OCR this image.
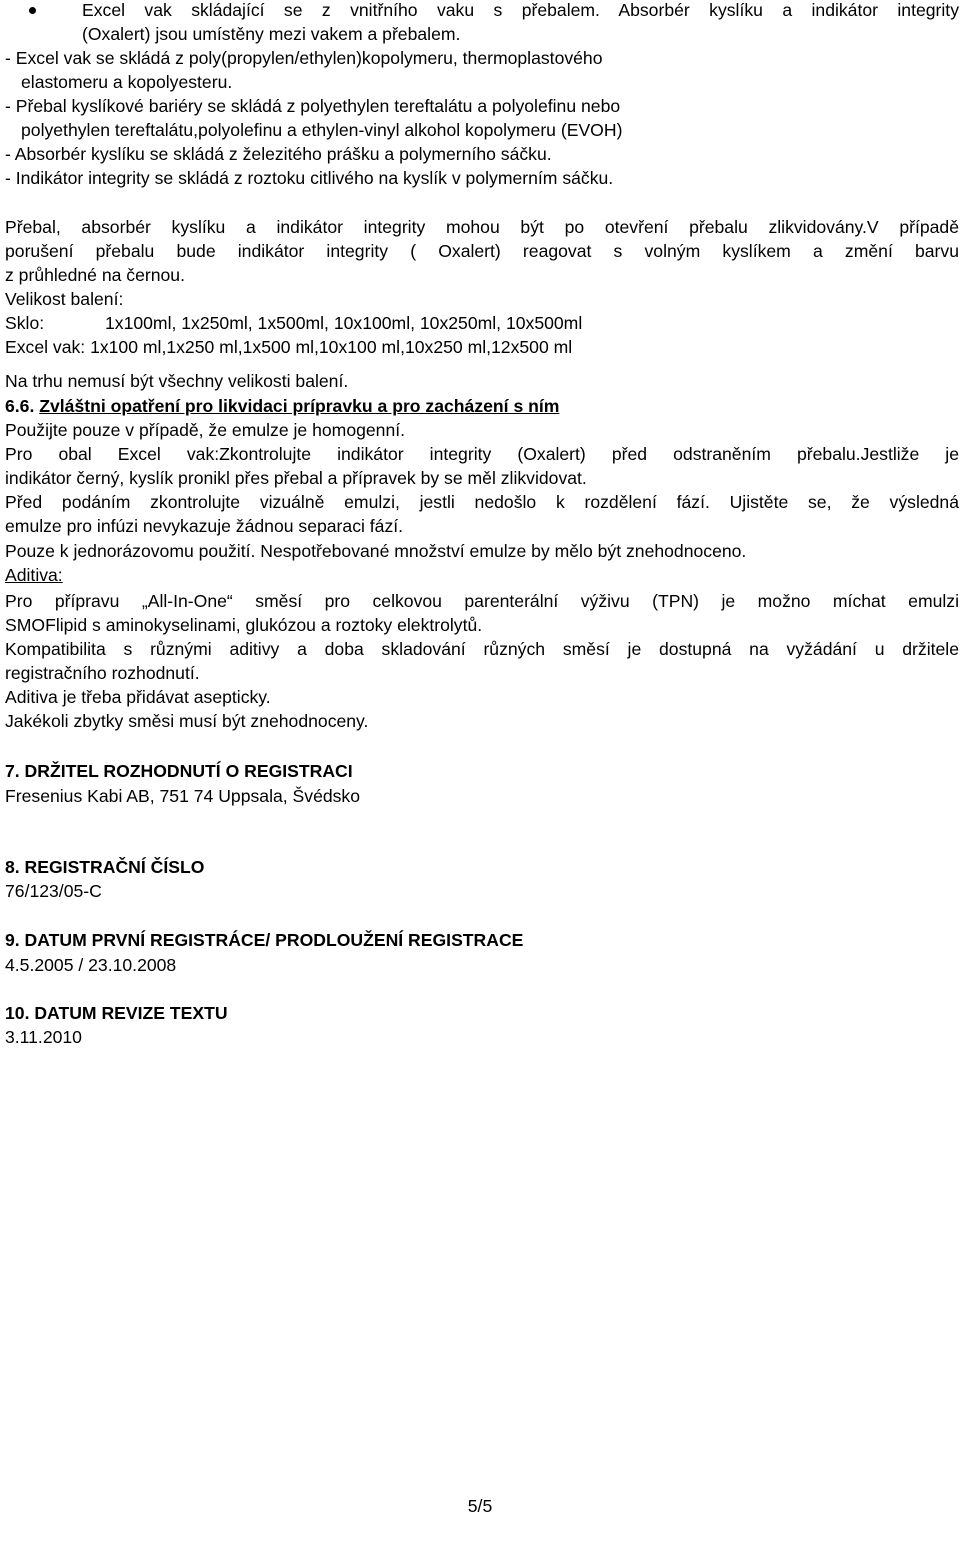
Excel vak skládající se z vnitřního vaku s přebalem. Absorbér kyslíku a indikátor integrity
(Oxalert) jsou umístěny mezi vakem a přebalem.
- Excel vak se skládá z poly(propylen/ethylen)kopolymeru, thermoplastového
elastomeru a kopolyesteru.
- Přebal kyslíkové bariéry se skládá z polyethylen tereftalátu a polyolefinu nebo
polyethylen tereftalátu,polyolefinu a ethylen-vinyl alkohol kopolymeru (EVOH)
- Absorbér kyslíku se skládá z železitého prášku a polymerního sáčku.
- Indikátor integrity se skládá z roztoku citlivého na kyslík v polymerním sáčku.
Přebal, absorbér kyslíku a indikátor integrity mohou být po otevření přebalu zlikvidovány.V případě
porušení přebalu bude indikátor integrity ( Oxalert) reagovat s volným kyslíkem a změní barvu
z průhledné na černou.
Velikost balení:
Sklo:	1x100ml, 1x250ml, 1x500ml, 10x100ml, 10x250ml, 10x500ml
Excel vak: 1x100 ml,1x250 ml,1x500 ml,10x100 ml,10x250 ml,12x500 ml
Na trhu nemusí být všechny velikosti balení.
6.6. Zvláštni opatření pro likvidaci prípravku a pro zacházení s ním
Použijte pouze v případě, že emulze je homogenní.
Pro obal Excel vak:Zkontrolujte indikátor integrity (Oxalert) před odstraněním přebalu.Jestliže je
indikátor černý, kyslík pronikl přes přebal a přípravek by se měl zlikvidovat.
Před podáním zkontrolujte vizuálně emulzi, jestli nedošlo k rozdělení fází. Ujistěte se, že výsledná
emulze pro infúzi nevykazuje žádnou separaci fází.
Pouze k jednorázovomu použití. Nespotřebované množství emulze by mělo být znehodnoceno.
Aditiva:
Pro přípravu „All-In-One“ směsí pro celkovou parenterální výživu (TPN) je možno míchat emulzi
SMOFlipid s aminokyselinami, glukózou a roztoky elektrolytů.
Kompatibilita s různými aditivy a doba skladování různých směsí je dostupná na vyžádání u držitele
registračního rozhodnutí.
Aditiva je třeba přidávat asepticky.
Jakékoli zbytky směsi musí být znehodnoceny.
7. DRŽITEL ROZHODNUTÍ O REGISTRACI
Fresenius Kabi AB, 751 74 Uppsala, Švédsko
8. REGISTRAČNÍ ČÍSLO
76/123/05-C
9. DATUM PRVNÍ REGISTRÁCE/ PRODLOUŽENÍ REGISTRACE
4.5.2005 / 23.10.2008
10. DATUM REVIZE TEXTU
3.11.2010
5/5
